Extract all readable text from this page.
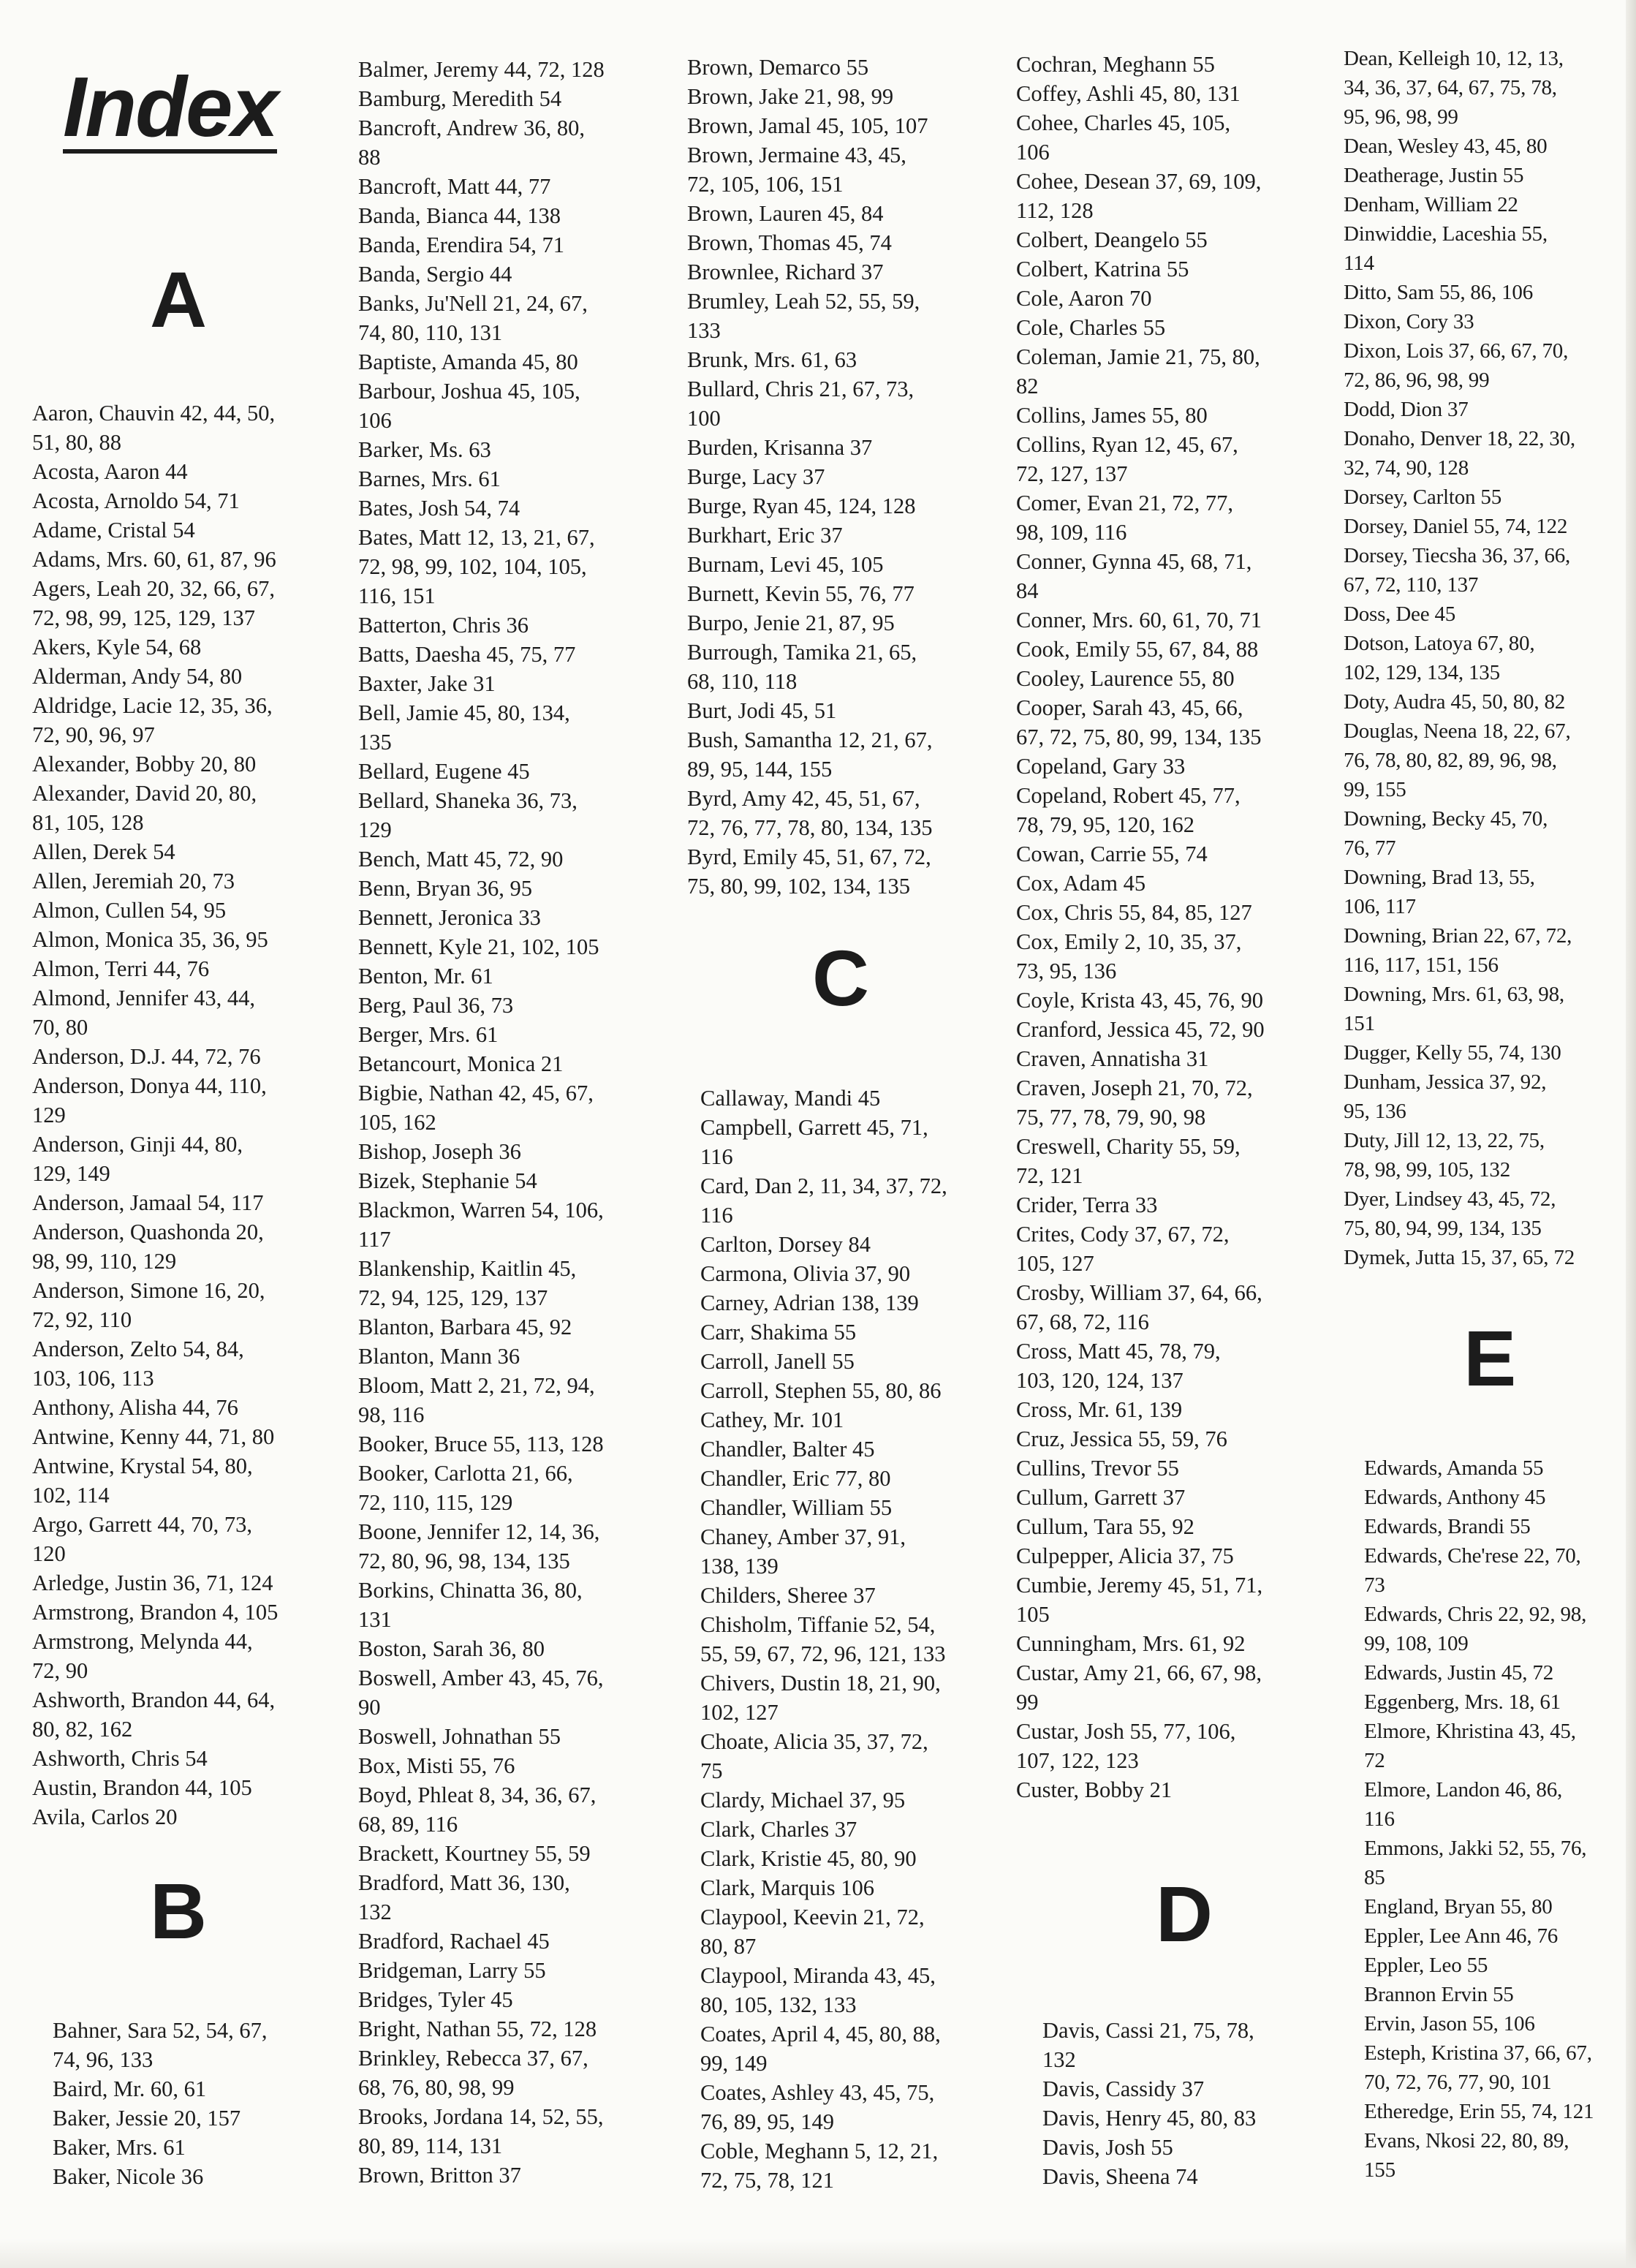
Index
A
Aaron, Chauvin 42, 44, 50,
51, 80, 88
Acosta, Aaron 44
Acosta, Arnoldo 54, 71
Adame, Cristal 54
Adams, Mrs. 60, 61, 87, 96
Agers, Leah 20, 32, 66, 67,
72, 98, 99, 125, 129, 137
Akers, Kyle 54, 68
Alderman, Andy 54, 80
Aldridge, Lacie 12, 35, 36,
72, 90, 96, 97
Alexander, Bobby 20, 80
Alexander, David 20, 80,
81, 105, 128
Allen, Derek 54
Allen, Jeremiah 20, 73
Almon, Cullen 54, 95
Almon, Monica 35, 36, 95
Almon, Terri 44, 76
Almond, Jennifer 43, 44,
70, 80
Anderson, D.J. 44, 72, 76
Anderson, Donya 44, 110,
129
Anderson, Ginji 44, 80,
129, 149
Anderson, Jamaal 54, 117
Anderson, Quashonda 20,
98, 99, 110, 129
Anderson, Simone 16, 20,
72, 92, 110
Anderson, Zelto 54, 84,
103, 106, 113
Anthony, Alisha 44, 76
Antwine, Kenny 44, 71, 80
Antwine, Krystal 54, 80,
102, 114
Argo, Garrett 44, 70, 73,
120
Arledge, Justin 36, 71, 124
Armstrong, Brandon 4, 105
Armstrong, Melynda 44,
72, 90
Ashworth, Brandon 44, 64,
80, 82, 162
Ashworth, Chris 54
Austin, Brandon 44, 105
Avila, Carlos 20
B
Bahner, Sara 52, 54, 67,
74, 96, 133
Baird, Mr. 60, 61
Baker, Jessie 20, 157
Baker, Mrs. 61
Baker, Nicole 36
Balmer, Jeremy 44, 72, 128
Bamburg, Meredith 54
Bancroft, Andrew 36, 80,
88
Bancroft, Matt 44, 77
Banda, Bianca 44, 138
Banda, Erendira 54, 71
Banda, Sergio 44
Banks, Ju'Nell 21, 24, 67,
74, 80, 110, 131
Baptiste, Amanda 45, 80
Barbour, Joshua 45, 105,
106
Barker, Ms. 63
Barnes, Mrs. 61
Bates, Josh 54, 74
Bates, Matt 12, 13, 21, 67,
72, 98, 99, 102, 104, 105,
116, 151
Batterton, Chris 36
Batts, Daesha 45, 75, 77
Baxter, Jake 31
Bell, Jamie 45, 80, 134,
135
Bellard, Eugene 45
Bellard, Shaneka 36, 73,
129
Bench, Matt 45, 72, 90
Benn, Bryan 36, 95
Bennett, Jeronica 33
Bennett, Kyle 21, 102, 105
Benton, Mr. 61
Berg, Paul 36, 73
Berger, Mrs. 61
Betancourt, Monica 21
Bigbie, Nathan 42, 45, 67,
105, 162
Bishop, Joseph 36
Bizek, Stephanie 54
Blackmon, Warren 54, 106,
117
Blankenship, Kaitlin 45,
72, 94, 125, 129, 137
Blanton, Barbara 45, 92
Blanton, Mann 36
Bloom, Matt 2, 21, 72, 94,
98, 116
Booker, Bruce 55, 113, 128
Booker, Carlotta 21, 66,
72, 110, 115, 129
Boone, Jennifer 12, 14, 36,
72, 80, 96, 98, 134, 135
Borkins, Chinatta 36, 80,
131
Boston, Sarah 36, 80
Boswell, Amber 43, 45, 76,
90
Boswell, Johnathan 55
Box, Misti 55, 76
Boyd, Phleat 8, 34, 36, 67,
68, 89, 116
Brackett, Kourtney 55, 59
Bradford, Matt 36, 130,
132
Bradford, Rachael 45
Bridgeman, Larry 55
Bridges, Tyler 45
Bright, Nathan 55, 72, 128
Brinkley, Rebecca 37, 67,
68, 76, 80, 98, 99
Brooks, Jordana 14, 52, 55,
80, 89, 114, 131
Brown, Britton 37
Brown, Demarco 55
Brown, Jake 21, 98, 99
Brown, Jamal 45, 105, 107
Brown, Jermaine 43, 45,
72, 105, 106, 151
Brown, Lauren 45, 84
Brown, Thomas 45, 74
Brownlee, Richard 37
Brumley, Leah 52, 55, 59,
133
Brunk, Mrs. 61, 63
Bullard, Chris 21, 67, 73,
100
Burden, Krisanna 37
Burge, Lacy 37
Burge, Ryan 45, 124, 128
Burkhart, Eric 37
Burnam, Levi 45, 105
Burnett, Kevin 55, 76, 77
Burpo, Jenie 21, 87, 95
Burrough, Tamika 21, 65,
68, 110, 118
Burt, Jodi 45, 51
Bush, Samantha 12, 21, 67,
89, 95, 144, 155
Byrd, Amy 42, 45, 51, 67,
72, 76, 77, 78, 80, 134, 135
Byrd, Emily 45, 51, 67, 72,
75, 80, 99, 102, 134, 135
C
Callaway, Mandi 45
Campbell, Garrett 45, 71,
116
Card, Dan 2, 11, 34, 37, 72,
116
Carlton, Dorsey 84
Carmona, Olivia 37, 90
Carney, Adrian 138, 139
Carr, Shakima 55
Carroll, Janell 55
Carroll, Stephen 55, 80, 86
Cathey, Mr. 101
Chandler, Balter 45
Chandler, Eric 77, 80
Chandler, William 55
Chaney, Amber 37, 91,
138, 139
Childers, Sheree 37
Chisholm, Tiffanie 52, 54,
55, 59, 67, 72, 96, 121, 133
Chivers, Dustin 18, 21, 90,
102, 127
Choate, Alicia 35, 37, 72,
75
Clardy, Michael 37, 95
Clark, Charles 37
Clark, Kristie 45, 80, 90
Clark, Marquis 106
Claypool, Keevin 21, 72,
80, 87
Claypool, Miranda 43, 45,
80, 105, 132, 133
Coates, April 4, 45, 80, 88,
99, 149
Coates, Ashley 43, 45, 75,
76, 89, 95, 149
Coble, Meghann 5, 12, 21,
72, 75, 78, 121
Cochran, Meghann 55
Coffey, Ashli 45, 80, 131
Cohee, Charles 45, 105,
106
Cohee, Desean 37, 69, 109,
112, 128
Colbert, Deangelo 55
Colbert, Katrina 55
Cole, Aaron 70
Cole, Charles 55
Coleman, Jamie 21, 75, 80,
82
Collins, James 55, 80
Collins, Ryan 12, 45, 67,
72, 127, 137
Comer, Evan 21, 72, 77,
98, 109, 116
Conner, Gynna 45, 68, 71,
84
Conner, Mrs. 60, 61, 70, 71
Cook, Emily 55, 67, 84, 88
Cooley, Laurence 55, 80
Cooper, Sarah 43, 45, 66,
67, 72, 75, 80, 99, 134, 135
Copeland, Gary 33
Copeland, Robert 45, 77,
78, 79, 95, 120, 162
Cowan, Carrie 55, 74
Cox, Adam 45
Cox, Chris 55, 84, 85, 127
Cox, Emily 2, 10, 35, 37,
73, 95, 136
Coyle, Krista 43, 45, 76, 90
Cranford, Jessica 45, 72, 90
Craven, Annatisha 31
Craven, Joseph 21, 70, 72,
75, 77, 78, 79, 90, 98
Creswell, Charity 55, 59,
72, 121
Crider, Terra 33
Crites, Cody 37, 67, 72,
105, 127
Crosby, William 37, 64, 66,
67, 68, 72, 116
Cross, Matt 45, 78, 79,
103, 120, 124, 137
Cross, Mr. 61, 139
Cruz, Jessica 55, 59, 76
Cullins, Trevor 55
Cullum, Garrett 37
Cullum, Tara 55, 92
Culpepper, Alicia 37, 75
Cumbie, Jeremy 45, 51, 71,
105
Cunningham, Mrs. 61, 92
Custar, Amy 21, 66, 67, 98,
99
Custar, Josh 55, 77, 106,
107, 122, 123
Custer, Bobby 21
D
Davis, Cassi 21, 75, 78,
132
Davis, Cassidy 37
Davis, Henry 45, 80, 83
Davis, Josh 55
Davis, Sheena 74
Dean, Kelleigh 10, 12, 13,
34, 36, 37, 64, 67, 75, 78,
95, 96, 98, 99
Dean, Wesley 43, 45, 80
Deatherage, Justin 55
Denham, William 22
Dinwiddie, Laceshia 55,
114
Ditto, Sam 55, 86, 106
Dixon, Cory 33
Dixon, Lois 37, 66, 67, 70,
72, 86, 96, 98, 99
Dodd, Dion 37
Donaho, Denver 18, 22, 30,
32, 74, 90, 128
Dorsey, Carlton 55
Dorsey, Daniel 55, 74, 122
Dorsey, Tiecsha 36, 37, 66,
67, 72, 110, 137
Doss, Dee 45
Dotson, Latoya 67, 80,
102, 129, 134, 135
Doty, Audra 45, 50, 80, 82
Douglas, Neena 18, 22, 67,
76, 78, 80, 82, 89, 96, 98,
99, 155
Downing, Becky 45, 70,
76, 77
Downing, Brad 13, 55,
106, 117
Downing, Brian 22, 67, 72,
116, 117, 151, 156
Downing, Mrs. 61, 63, 98,
151
Dugger, Kelly 55, 74, 130
Dunham, Jessica 37, 92,
95, 136
Duty, Jill 12, 13, 22, 75,
78, 98, 99, 105, 132
Dyer, Lindsey 43, 45, 72,
75, 80, 94, 99, 134, 135
Dymek, Jutta 15, 37, 65, 72
E
Edwards, Amanda 55
Edwards, Anthony 45
Edwards, Brandi 55
Edwards, Che'rese 22, 70,
73
Edwards, Chris 22, 92, 98,
99, 108, 109
Edwards, Justin 45, 72
Eggenberg, Mrs. 18, 61
Elmore, Khristina 43, 45,
72
Elmore, Landon 46, 86,
116
Emmons, Jakki 52, 55, 76,
85
England, Bryan 55, 80
Eppler, Lee Ann 46, 76
Eppler, Leo 55
Brannon Ervin 55
Ervin, Jason 55, 106
Esteph, Kristina 37, 66, 67,
70, 72, 76, 77, 90, 101
Etheredge, Erin 55, 74, 121
Evans, Nkosi 22, 80, 89,
155
